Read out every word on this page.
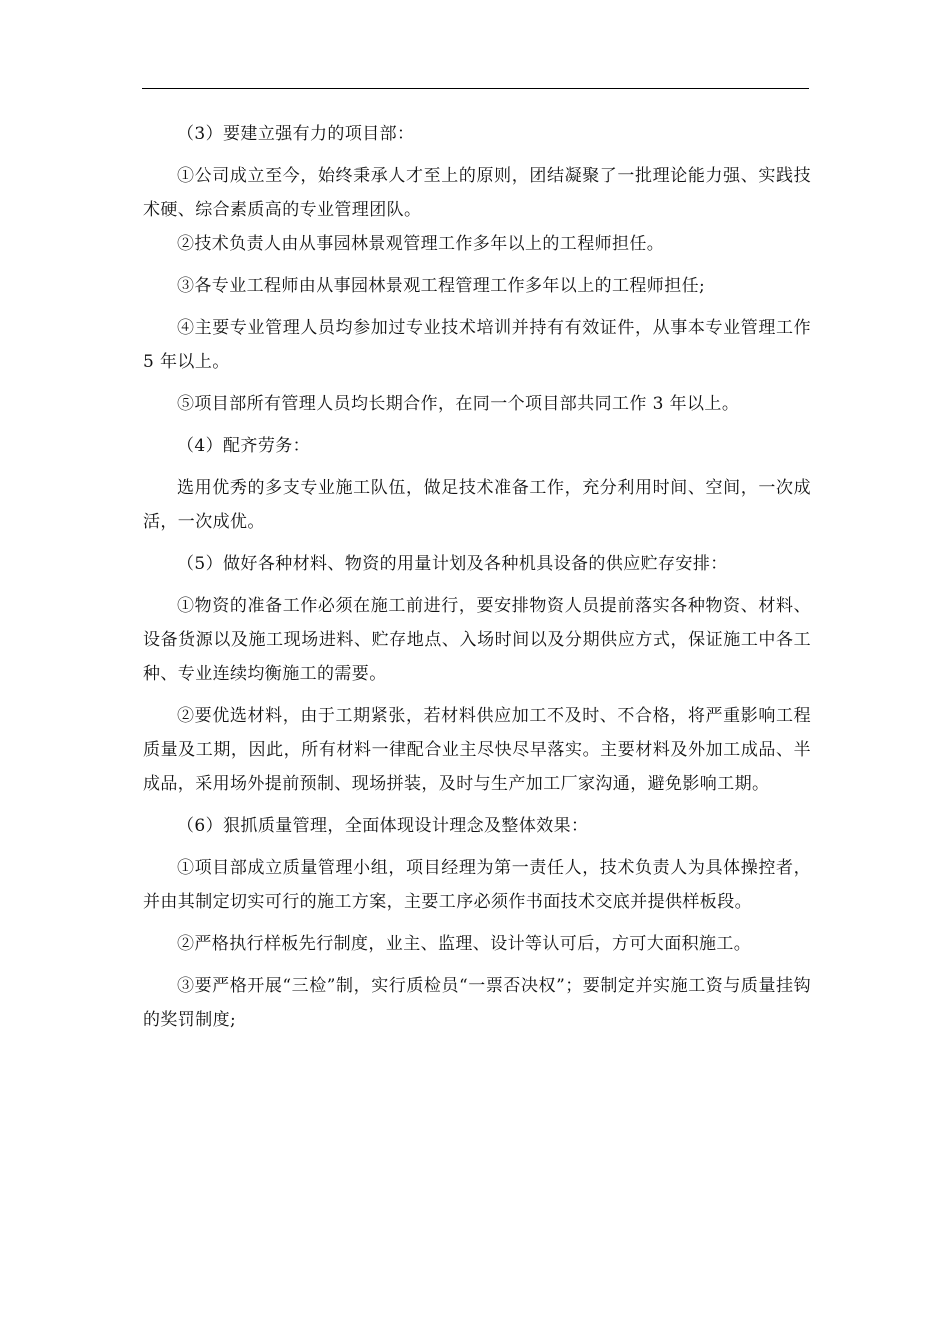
（3）要建立强有力的项目部：

①公司成立至今，始终秉承人才至上的原则，团结凝聚了一批理论能力强、实践技术硬、综合素质高的专业管理团队。

②技术负责人由从事园林景观管理工作多年以上的工程师担任。

③各专业工程师由从事园林景观工程管理工作多年以上的工程师担任;

④主要专业管理人员均参加过专业技术培训并持有有效证件，从事本专业管理工作 5 年以上。

⑤项目部所有管理人员均长期合作，在同一个项目部共同工作 3 年以上。

（4）配齐劳务：

选用优秀的多支专业施工队伍，做足技术准备工作，充分利用时间、空间，一次成活，一次成优。

（5）做好各种材料、物资的用量计划及各种机具设备的供应贮存安排：

①物资的准备工作必须在施工前进行，要安排物资人员提前落实各种物资、材料、设备货源以及施工现场进料、贮存地点、入场时间以及分期供应方式，保证施工中各工种、专业连续均衡施工的需要。

②要优选材料，由于工期紧张，若材料供应加工不及时、不合格，将严重影响工程质量及工期，因此，所有材料一律配合业主尽快尽早落实。主要材料及外加工成品、半成品，采用场外提前预制、现场拼装，及时与生产加工厂家沟通，避免影响工期。

（6）狠抓质量管理，全面体现设计理念及整体效果：

①项目部成立质量管理小组，项目经理为第一责任人，技术负责人为具体操控者，并由其制定切实可行的施工方案，主要工序必须作书面技术交底并提供样板段。

②严格执行样板先行制度，业主、监理、设计等认可后，方可大面积施工。

③要严格开展“三检”制，实行质检员“一票否决权”；要制定并实施工资与质量挂钩的奖罚制度;
